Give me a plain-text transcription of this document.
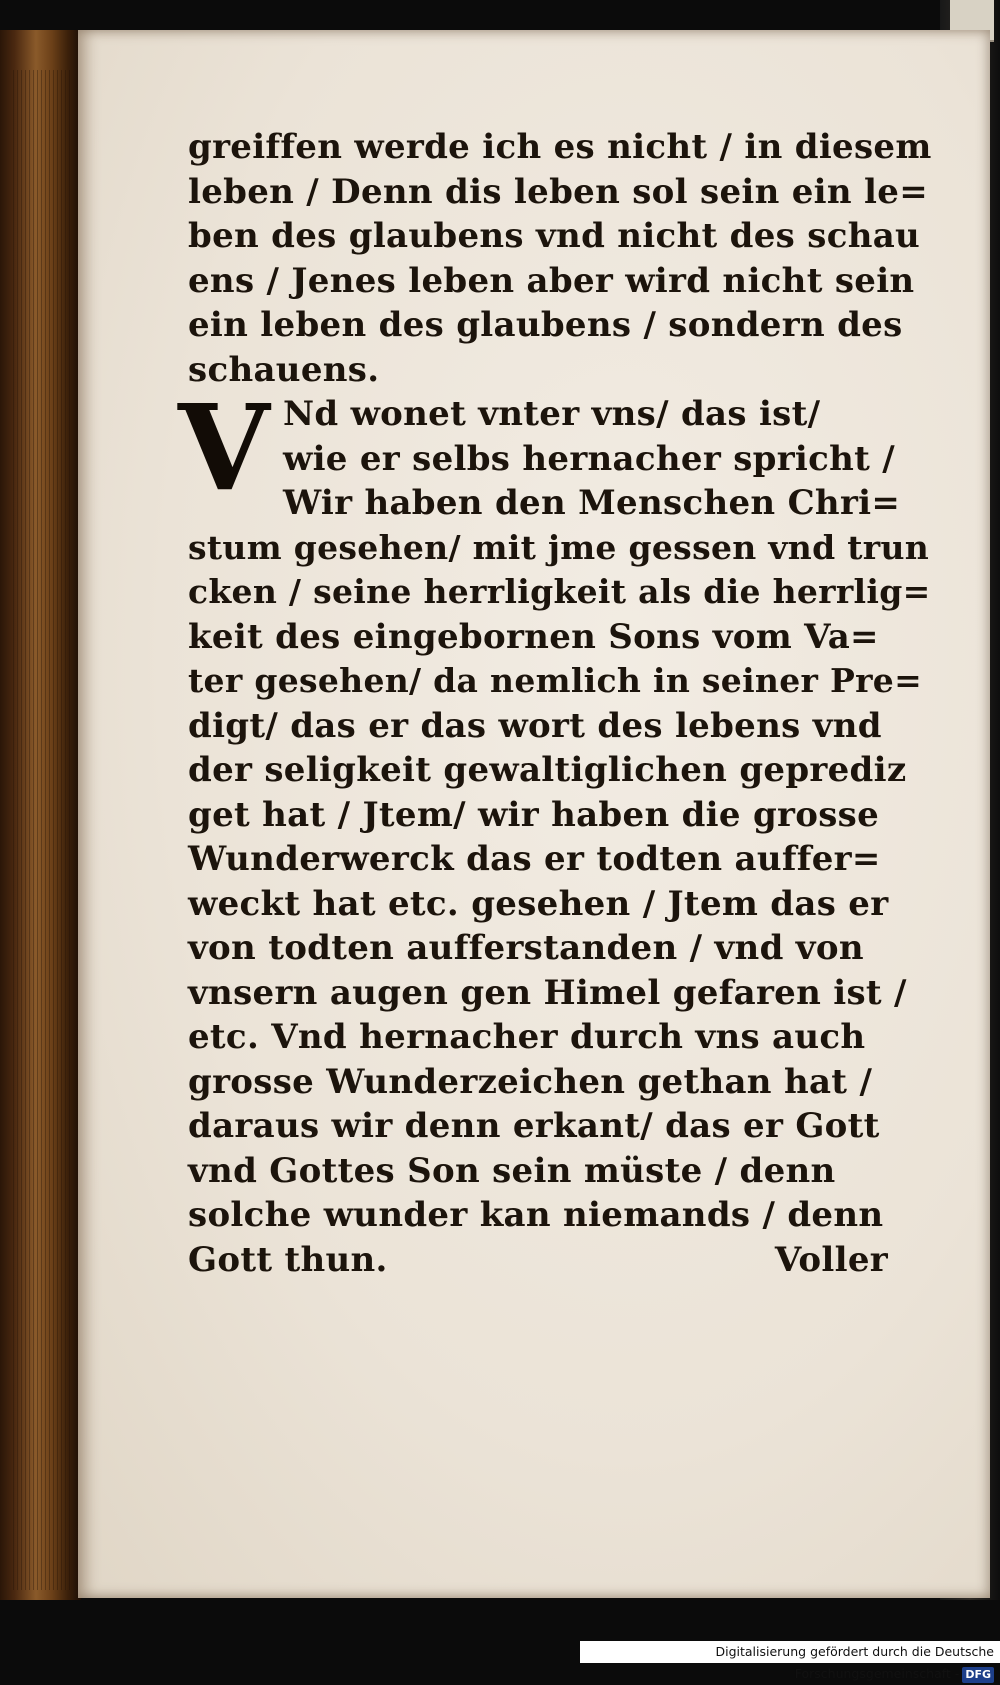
V
greiffen werde ich es nicht / in diesem
leben / Denn dis leben sol sein ein le=
ben des glaubens vnd nicht des schau
ens / Jenes leben aber wird nicht sein
ein leben des glaubens / sondern des
schauens.
Nd wonet vnter vns/ das ist/
wie er selbs hernacher spricht /
Wir haben den Menschen Chri=
stum gesehen/ mit jme gessen vnd trun
cken / seine herrligkeit als die herrlig=
keit des eingebornen Sons vom Va=
ter gesehen/ da nemlich in seiner Pre=
digt/ das er das wort des lebens vnd
der seligkeit gewaltiglichen geprediz
get hat / Jtem/ wir haben die grosse
Wunderwerck das er todten auffer=
weckt hat etc. gesehen / Jtem das er
von todten aufferstanden / vnd von
vnsern augen gen Himel gefaren ist /
etc. Vnd hernacher durch vns auch
grosse Wunderzeichen gethan hat /
daraus wir denn erkant/ das er Gott
vnd Gottes Son sein müste / denn
solche wunder kan niemands / denn
Gott thun.	Voller
Digitalisierung gefördert durch die Deutsche Forschungsgemeinschaft - DFG
